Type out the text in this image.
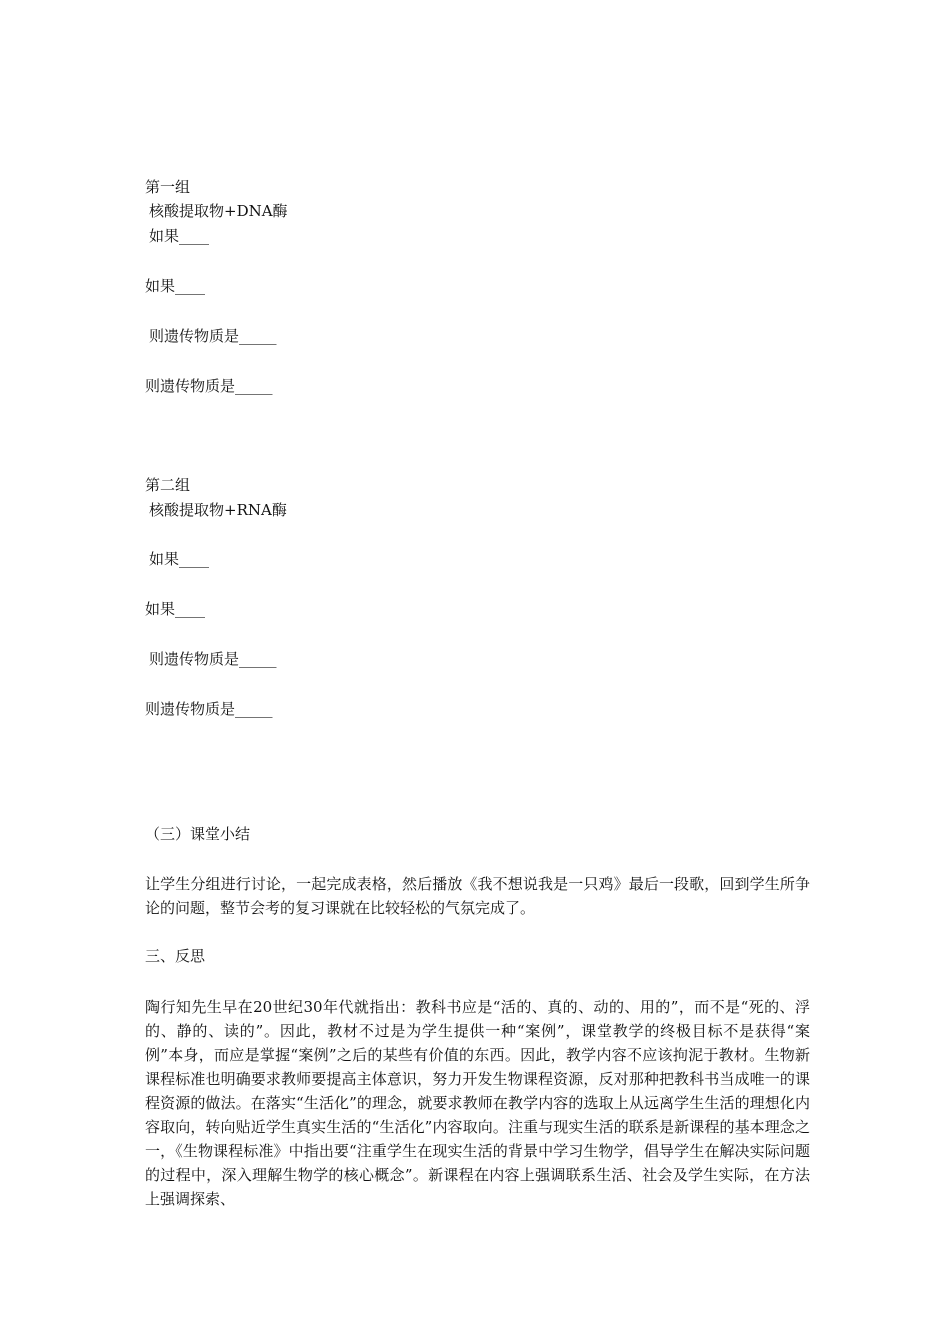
第一组
核酸提取物+DNA酶
如果____
如果____
则遗传物质是_____
则遗传物质是_____
第二组
核酸提取物+RNA酶
如果____
如果____
则遗传物质是_____
则遗传物质是_____
（三）课堂小结
让学生分组进行讨论，一起完成表格，然后播放《我不想说我是一只鸡》最后一段歌，回到学生所争论的问题，整节会考的复习课就在比较轻松的气氛完成了。
三、反思
陶行知先生早在20世纪30年代就指出：教科书应是“活的、真的、动的、用的”，而不是“死的、浮的、静的、读的”。因此，教材不过是为学生提供一种“案例”，课堂教学的终极目标不是获得“案例”本身，而应是掌握“案例”之后的某些有价值的东西。因此，教学内容不应该拘泥于教材。生物新课程标准也明确要求教师要提高主体意识，努力开发生物课程资源，反对那种把教科书当成唯一的课程资源的做法。在落实“生活化”的理念，就要求教师在教学内容的选取上从远离学生生活的理想化内容取向，转向贴近学生真实生活的“生活化”内容取向。注重与现实生活的联系是新课程的基本理念之一，《生物课程标准》中指出要“注重学生在现实生活的背景中学习生物学，倡导学生在解决实际问题的过程中，深入理解生物学的核心概念”。新课程在内容上强调联系生活、社会及学生实际，在方法上强调探索、
